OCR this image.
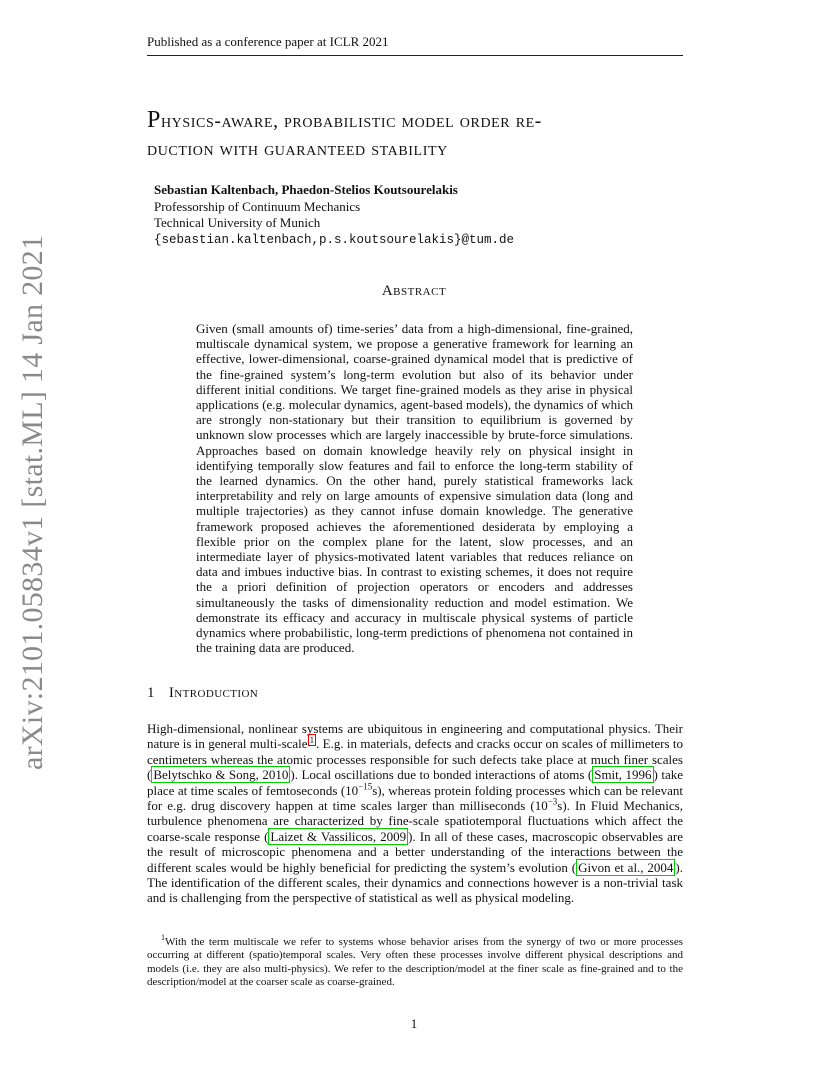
Published as a conference paper at ICLR 2021
arXiv:2101.05834v1 [stat.ML] 14 Jan 2021
Physics-aware, probabilistic model order re-
duction with guaranteed stability
Sebastian Kaltenbach, Phaedon-Stelios Koutsourelakis
Professorship of Continuum Mechanics
Technical University of Munich
{sebastian.kaltenbach,p.s.koutsourelakis}@tum.de
Abstract
Given (small amounts of) time-series’ data from a high-dimensional, fine-grained, multiscale dynamical system, we propose a generative framework for learning an effective, lower-dimensional, coarse-grained dynamical model that is predictive of the fine-grained system’s long-term evolution but also of its behavior under different initial conditions. We target fine-grained models as they arise in physical applications (e.g. molecular dynamics, agent-based models), the dynamics of which are strongly non-stationary but their transition to equilibrium is governed by unknown slow processes which are largely inaccessible by brute-force simulations. Approaches based on domain knowledge heavily rely on physical insight in identifying temporally slow features and fail to enforce the long-term stability of the learned dynamics. On the other hand, purely statistical frameworks lack interpretability and rely on large amounts of expensive simulation data (long and multiple trajectories) as they cannot infuse domain knowledge. The generative framework proposed achieves the aforementioned desiderata by employing a flexible prior on the complex plane for the latent, slow processes, and an intermediate layer of physics-motivated latent variables that reduces reliance on data and imbues inductive bias. In contrast to existing schemes, it does not require the a priori definition of projection operators or encoders and addresses simultaneously the tasks of dimensionality reduction and model estimation. We demonstrate its efficacy and accuracy in multiscale physical systems of particle dynamics where probabilistic, long-term predictions of phenomena not contained in the training data are produced.
1 Introduction
High-dimensional, nonlinear systems are ubiquitous in engineering and computational physics. Their nature is in general multi-scale $^1$ . E.g. in materials, defects and cracks occur on scales of millimeters to centimeters whereas the atomic processes responsible for such defects take place at much finer scales ( Belytschko & Song, 2010 ). Local oscillations due to bonded interactions of atoms ( Smit, 1996 ) take place at time scales of femtoseconds $(10^{-15}s)$, whereas protein folding processes which can be relevant for e.g. drug discovery happen at time scales larger than milliseconds $(10^{-3}s)$. In Fluid Mechanics, turbulence phenomena are characterized by fine-scale spatiotemporal fluctuations which affect the coarse-scale response ( Laizet & Vassilicos, 2009 ). In all of these cases, macroscopic observables are the result of microscopic phenomena and a better understanding of the interactions between the different scales would be highly beneficial for predicting the system’s evolution ( Givon et al., 2004 ). The identification of the different scales, their dynamics and connections however is a non-trivial task and is challenging from the perspective of statistical as well as physical modeling.
$^1$With the term multiscale we refer to systems whose behavior arises from the synergy of two or more processes occurring at different (spatio)temporal scales. Very often these processes involve different physical descriptions and models (i.e. they are also multi-physics). We refer to the description/model at the finer scale as fine-grained and to the description/model at the coarser scale as coarse-grained.
1
